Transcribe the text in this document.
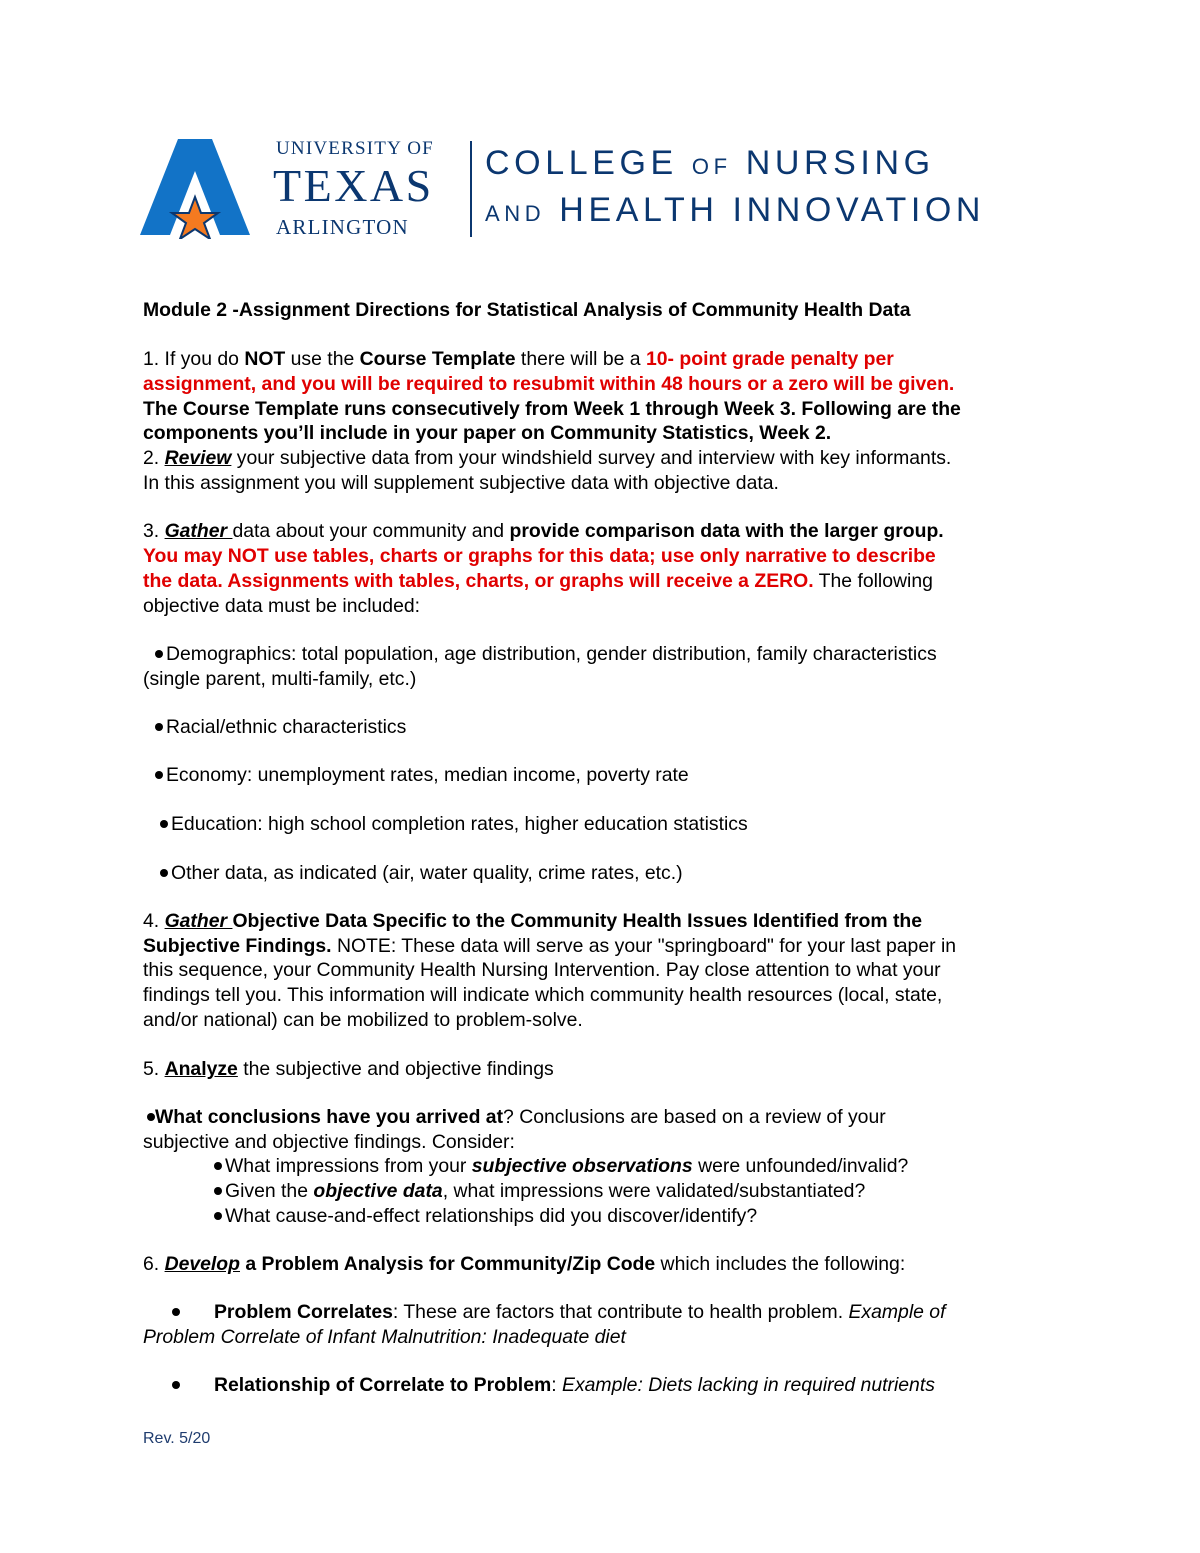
UNIVERSITY OF
TEXAS
ARLINGTON
COLLEGE OF NURSING
AND HEALTH INNOVATION
Module 2 -Assignment Directions for Statistical Analysis of Community Health Data
1. If you do NOT use the Course Template there will be a 10- point grade penalty per
assignment, and you will be required to resubmit within 48 hours or a zero will be given.
The Course Template runs consecutively from Week 1 through Week 3. Following are the
components you’ll include in your paper on Community Statistics, Week 2.
2. Review your subjective data from your windshield survey and interview with key informants.
In this assignment you will supplement subjective data with objective data.
3. Gather data about your community and provide comparison data with the larger group.
You may NOT use tables, charts or graphs for this data; use only narrative to describe
the data. Assignments with tables, charts, or graphs will receive a ZERO. The following
objective data must be included:
Demographics: total population, age distribution, gender distribution, family characteristics
(single parent, multi-family, etc.)
Racial/ethnic characteristics
Economy: unemployment rates, median income, poverty rate
Education: high school completion rates, higher education statistics
Other data, as indicated (air, water quality, crime rates, etc.)
4. Gather Objective Data Specific to the Community Health Issues Identified from the
Subjective Findings. NOTE: These data will serve as your "springboard" for your last paper in
this sequence, your Community Health Nursing Intervention. Pay close attention to what your
findings tell you. This information will indicate which community health resources (local, state,
and/or national) can be mobilized to problem-solve.
5. Analyze the subjective and objective findings
What conclusions have you arrived at? Conclusions are based on a review of your
subjective and objective findings. Consider:
What impressions from your subjective observations were unfounded/invalid?
Given the objective data, what impressions were validated/substantiated?
What cause-and-effect relationships did you discover/identify?
6. Develop a Problem Analysis for Community/Zip Code which includes the following:
Problem Correlates: These are factors that contribute to health problem. Example of
Problem Correlate of Infant Malnutrition: Inadequate diet
Relationship of Correlate to Problem: Example: Diets lacking in required nutrients
Rev. 5/20
